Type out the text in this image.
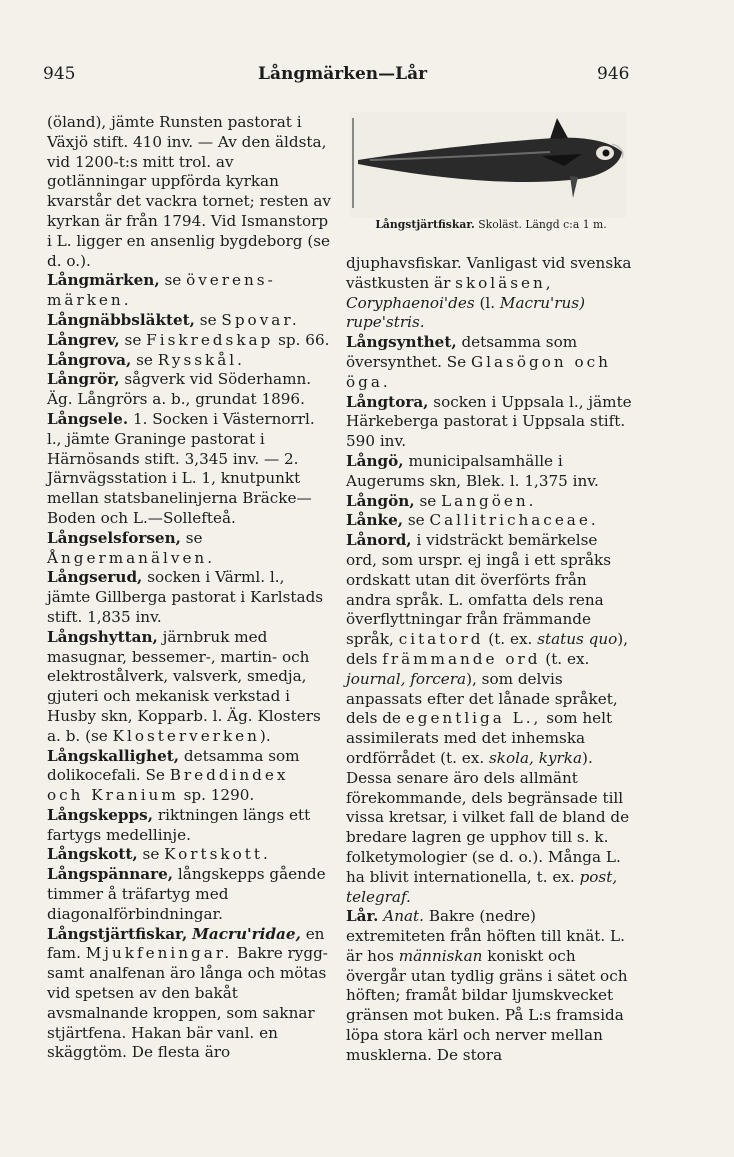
945	Långmärken—Lår	946

(öland), jämte Runsten pastorat i Växjö stift. 410 inv. — Av den äldsta, vid 1200-t:s mitt trol. av gotlänningar uppförda kyrkan kvarstår det vackra tornet; resten av kyrkan är från 1794. Vid Ismanstorp i L. ligger en ansenlig bygdeborg (se d. o.).

Långmärken, se överens-märken.

Långnäbbsläktet, se Spovar.

Långrev, se Fiskredskap sp. 66.

Långrova, se Rysskål.

Långrör, sågverk vid Söderhamn. Äg. Långrörs a. b., grundat 1896.

Långsele. 1. Socken i Västernorrl. l., jämte Graninge pastorat i Härnösands stift. 3,345 inv. — 2. Järnvägsstation i L. 1, knutpunkt mellan statsbanelinjerna Bräcke—Boden och L.—Sollefteå.

Långselsforsen, se Ångermanälven.

Långserud, socken i Värml. l., jämte Gillberga pastorat i Karlstads stift. 1,835 inv.

Långshyttan, järnbruk med masugnar, bessemer-, martin- och elektrostålverk, valsverk, smedja, gjuteri och mekanisk verkstad i Husby skn, Kopparb. l. Äg. Klosters a. b. (se Klosterverken).

Långskallighet, detsamma som dolikocefali. Se Breddindex och Kranium sp. 1290.

Långskepps, riktningen längs ett fartygs medellinje.

Långskott, se Kortskott.

Långspännare, långskepps gående timmer å träfartyg med diagonalförbindningar.

Långstjärtfiskar, Macru'ridae, en fam. Mjukfeningar. Bakre rygg- samt analfenan äro långa och mötas vid spetsen av den bakåt avsmalnande kroppen, som saknar stjärtfena. Hakan bär vanl. en skäggtöm. De flesta äro

Långstjärtfiskar. Skoläst. Längd c:a 1 m.

djuphavsfiskar. Vanligast vid svenska västkusten är skoläsen, Coryphaenoi'des (l. Macru'rus) rupe'stris.

Långsynthet, detsamma som översynthet. Se Glasögon och öga.

Långtora, socken i Uppsala l., jämte Härkeberga pastorat i Uppsala stift. 590 inv.

Långö, municipalsamhälle i Augerums skn, Blek. l. 1,375 inv.

Långön, se Langöen.

Lånke, se Callitrichaceae.

Lånord, i vidsträckt bemärkelse ord, som urspr. ej ingå i ett språks ordskatt utan dit överförts från andra språk. L. omfatta dels rena överflyttningar från främmande språk, citatord (t. ex. status quo), dels främmande ord (t. ex. journal, forcera), som delvis anpassats efter det lånade språket, dels de egentliga L., som helt assimilerats med det inhemska ordförrådet (t. ex. skola, kyrka). Dessa senare äro dels allmänt förekommande, dels begränsade till vissa kretsar, i vilket fall de bland de bredare lagren ge upphov till s. k. folketymologier (se d. o.). Många L. ha blivit internationella, t. ex. post, telegraf.

Lår. Anat. Bakre (nedre) extremiteten från höften till knät. L. är hos människan koniskt och övergår utan tydlig gräns i sätet och höften; framåt bildar ljumskvecket gränsen mot buken. På L:s framsida löpa stora kärl och nerver mellan musklerna. De stora
